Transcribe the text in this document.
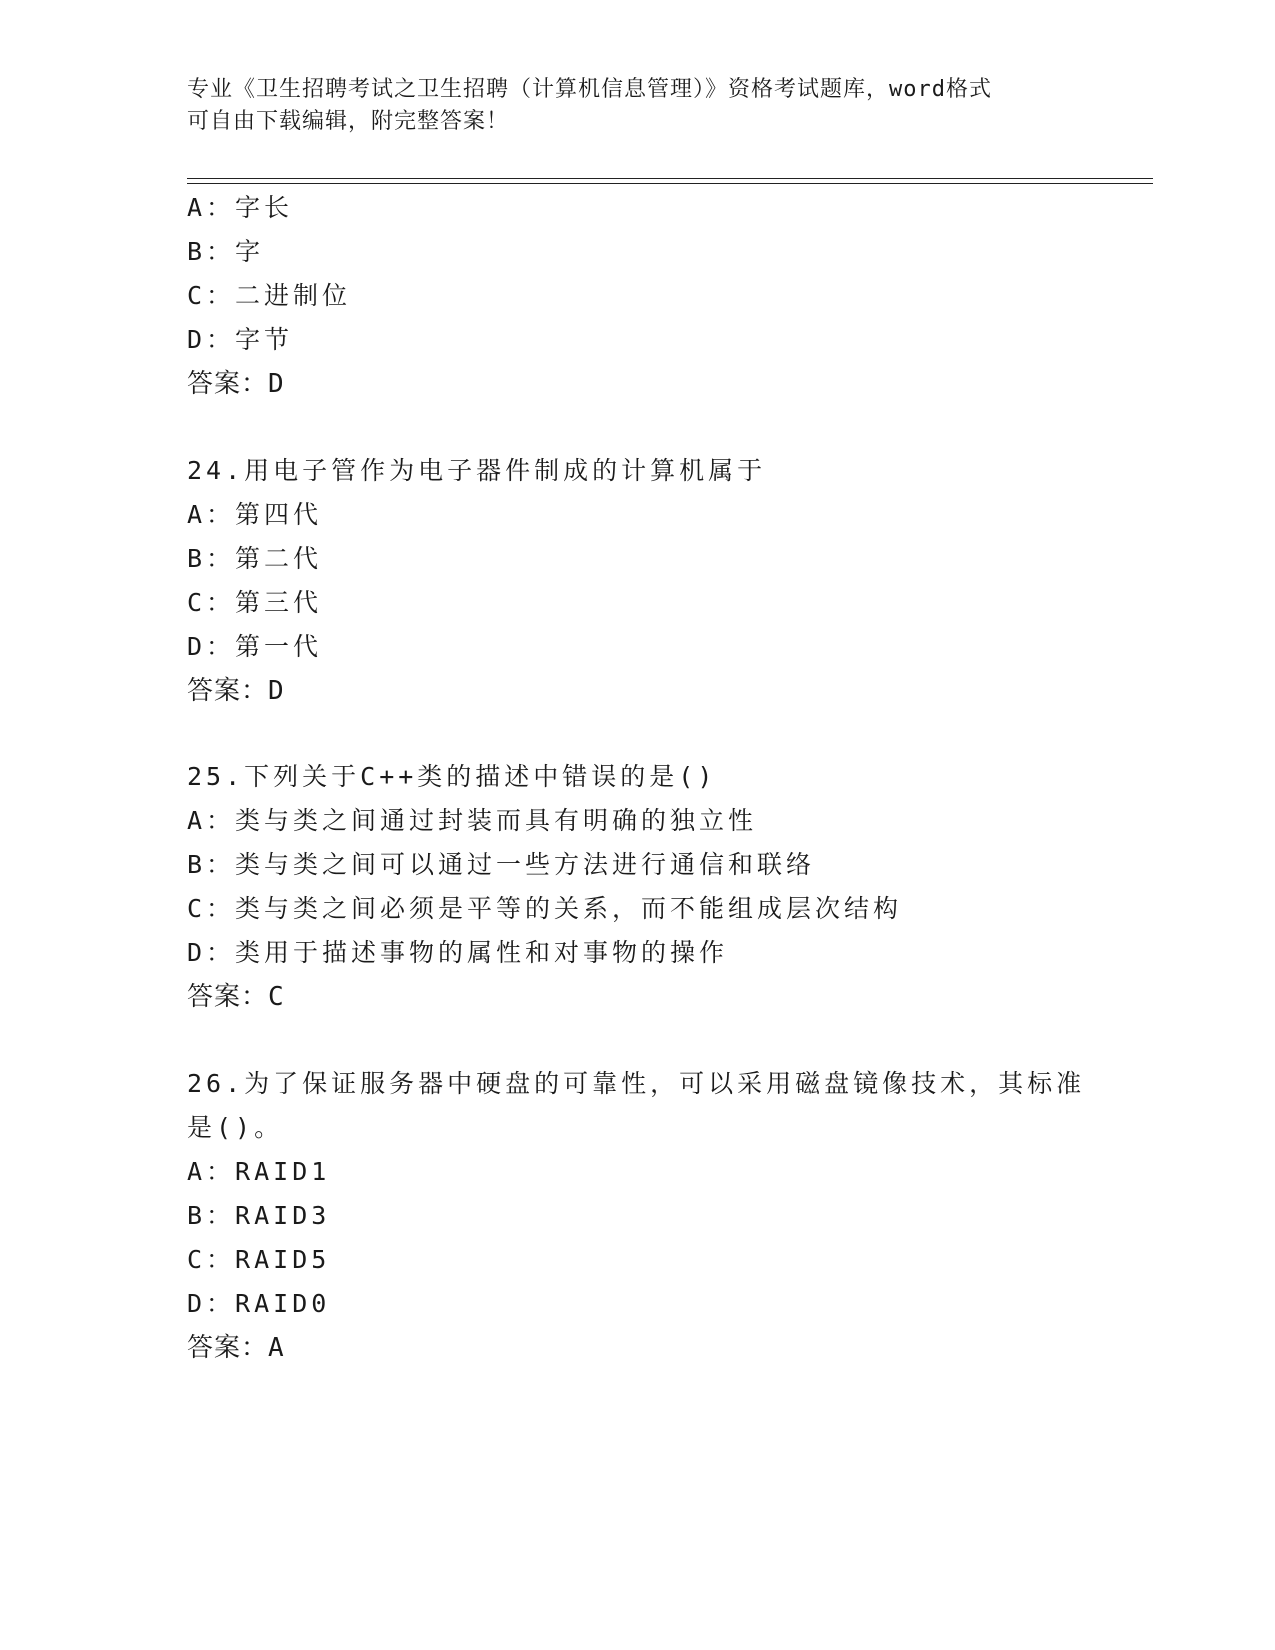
专业《卫生招聘考试之卫生招聘（计算机信息管理）》资格考试题库，word格式
可自由下载编辑，附完整答案！
A：字长
B：字
C：二进制位
D：字节
答案：D
24.用电子管作为电子器件制成的计算机属于
A：第四代
B：第二代
C：第三代
D：第一代
答案：D
25.下列关于C++类的描述中错误的是()
A：类与类之间通过封装而具有明确的独立性
B：类与类之间可以通过一些方法进行通信和联络
C：类与类之间必须是平等的关系，而不能组成层次结构
D：类用于描述事物的属性和对事物的操作
答案：C
26.为了保证服务器中硬盘的可靠性，可以采用磁盘镜像技术，其标准
是()。
A：RAID1
B：RAID3
C：RAID5
D：RAID0
答案：A
